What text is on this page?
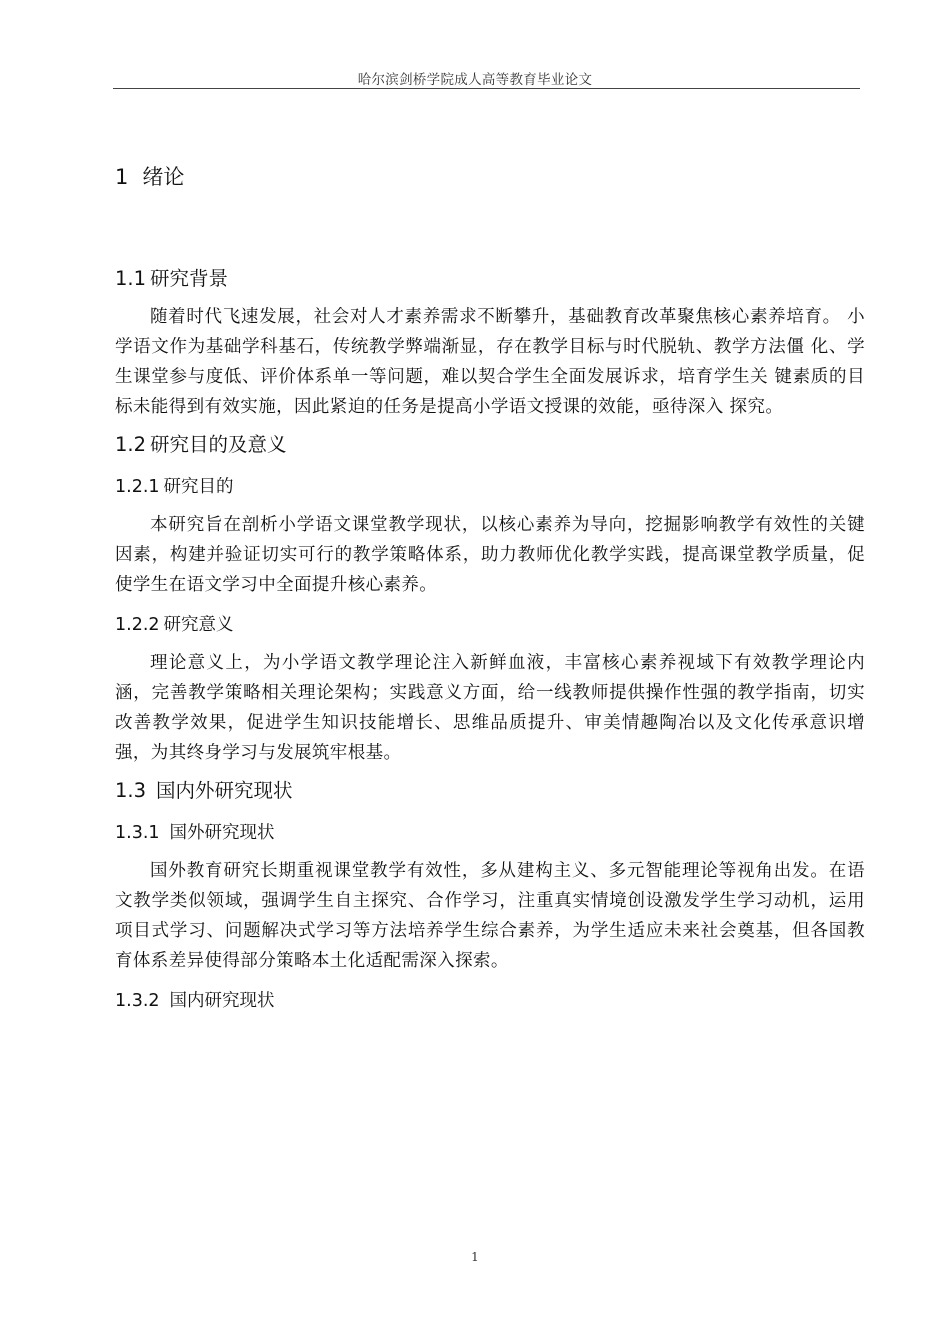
哈尔滨剑桥学院成人高等教育毕业论文
1 绪论
1.1 研究背景

随着时代飞速发展，社会对人才素养需求不断攀升，基础教育改革聚焦核心素养培育。 小学语文作为基础学科基石，传统教学弊端渐显，存在教学目标与时代脱轨、教学方法僵 化、学生课堂参与度低、评价体系单一等问题，难以契合学生全面发展诉求，培育学生关 键素质的目标未能得到有效实施，因此紧迫的任务是提高小学语文授课的效能，亟待深入 探究。

1.2 研究目的及意义
1.2.1 研究目的

本研究旨在剖析小学语文课堂教学现状，以核心素养为导向，挖掘影响教学有效性的关键因素，构建并验证切实可行的教学策略体系，助力教师优化教学实践，提高课堂教学质量，促使学生在语文学习中全面提升核心素养。

1.2.2 研究意义

理论意义上，为小学语文教学理论注入新鲜血液，丰富核心素养视域下有效教学理论内涵，完善教学策略相关理论架构；实践意义方面，给一线教师提供操作性强的教学指南，切实改善教学效果，促进学生知识技能增长、思维品质提升、审美情趣陶冶以及文化传承意识增强，为其终身学习与发展筑牢根基。

1.3 国内外研究现状
1.3.1 国外研究现状

国外教育研究长期重视课堂教学有效性，多从建构主义、多元智能理论等视角出发。在语文教学类似领域，强调学生自主探究、合作学习，注重真实情境创设激发学生学习动机，运用项目式学习、问题解决式学习等方法培养学生综合素养，为学生适应未来社会奠基，但各国教育体系差异使得部分策略本土化适配需深入探索。

1.3.2 国内研究现状
1
